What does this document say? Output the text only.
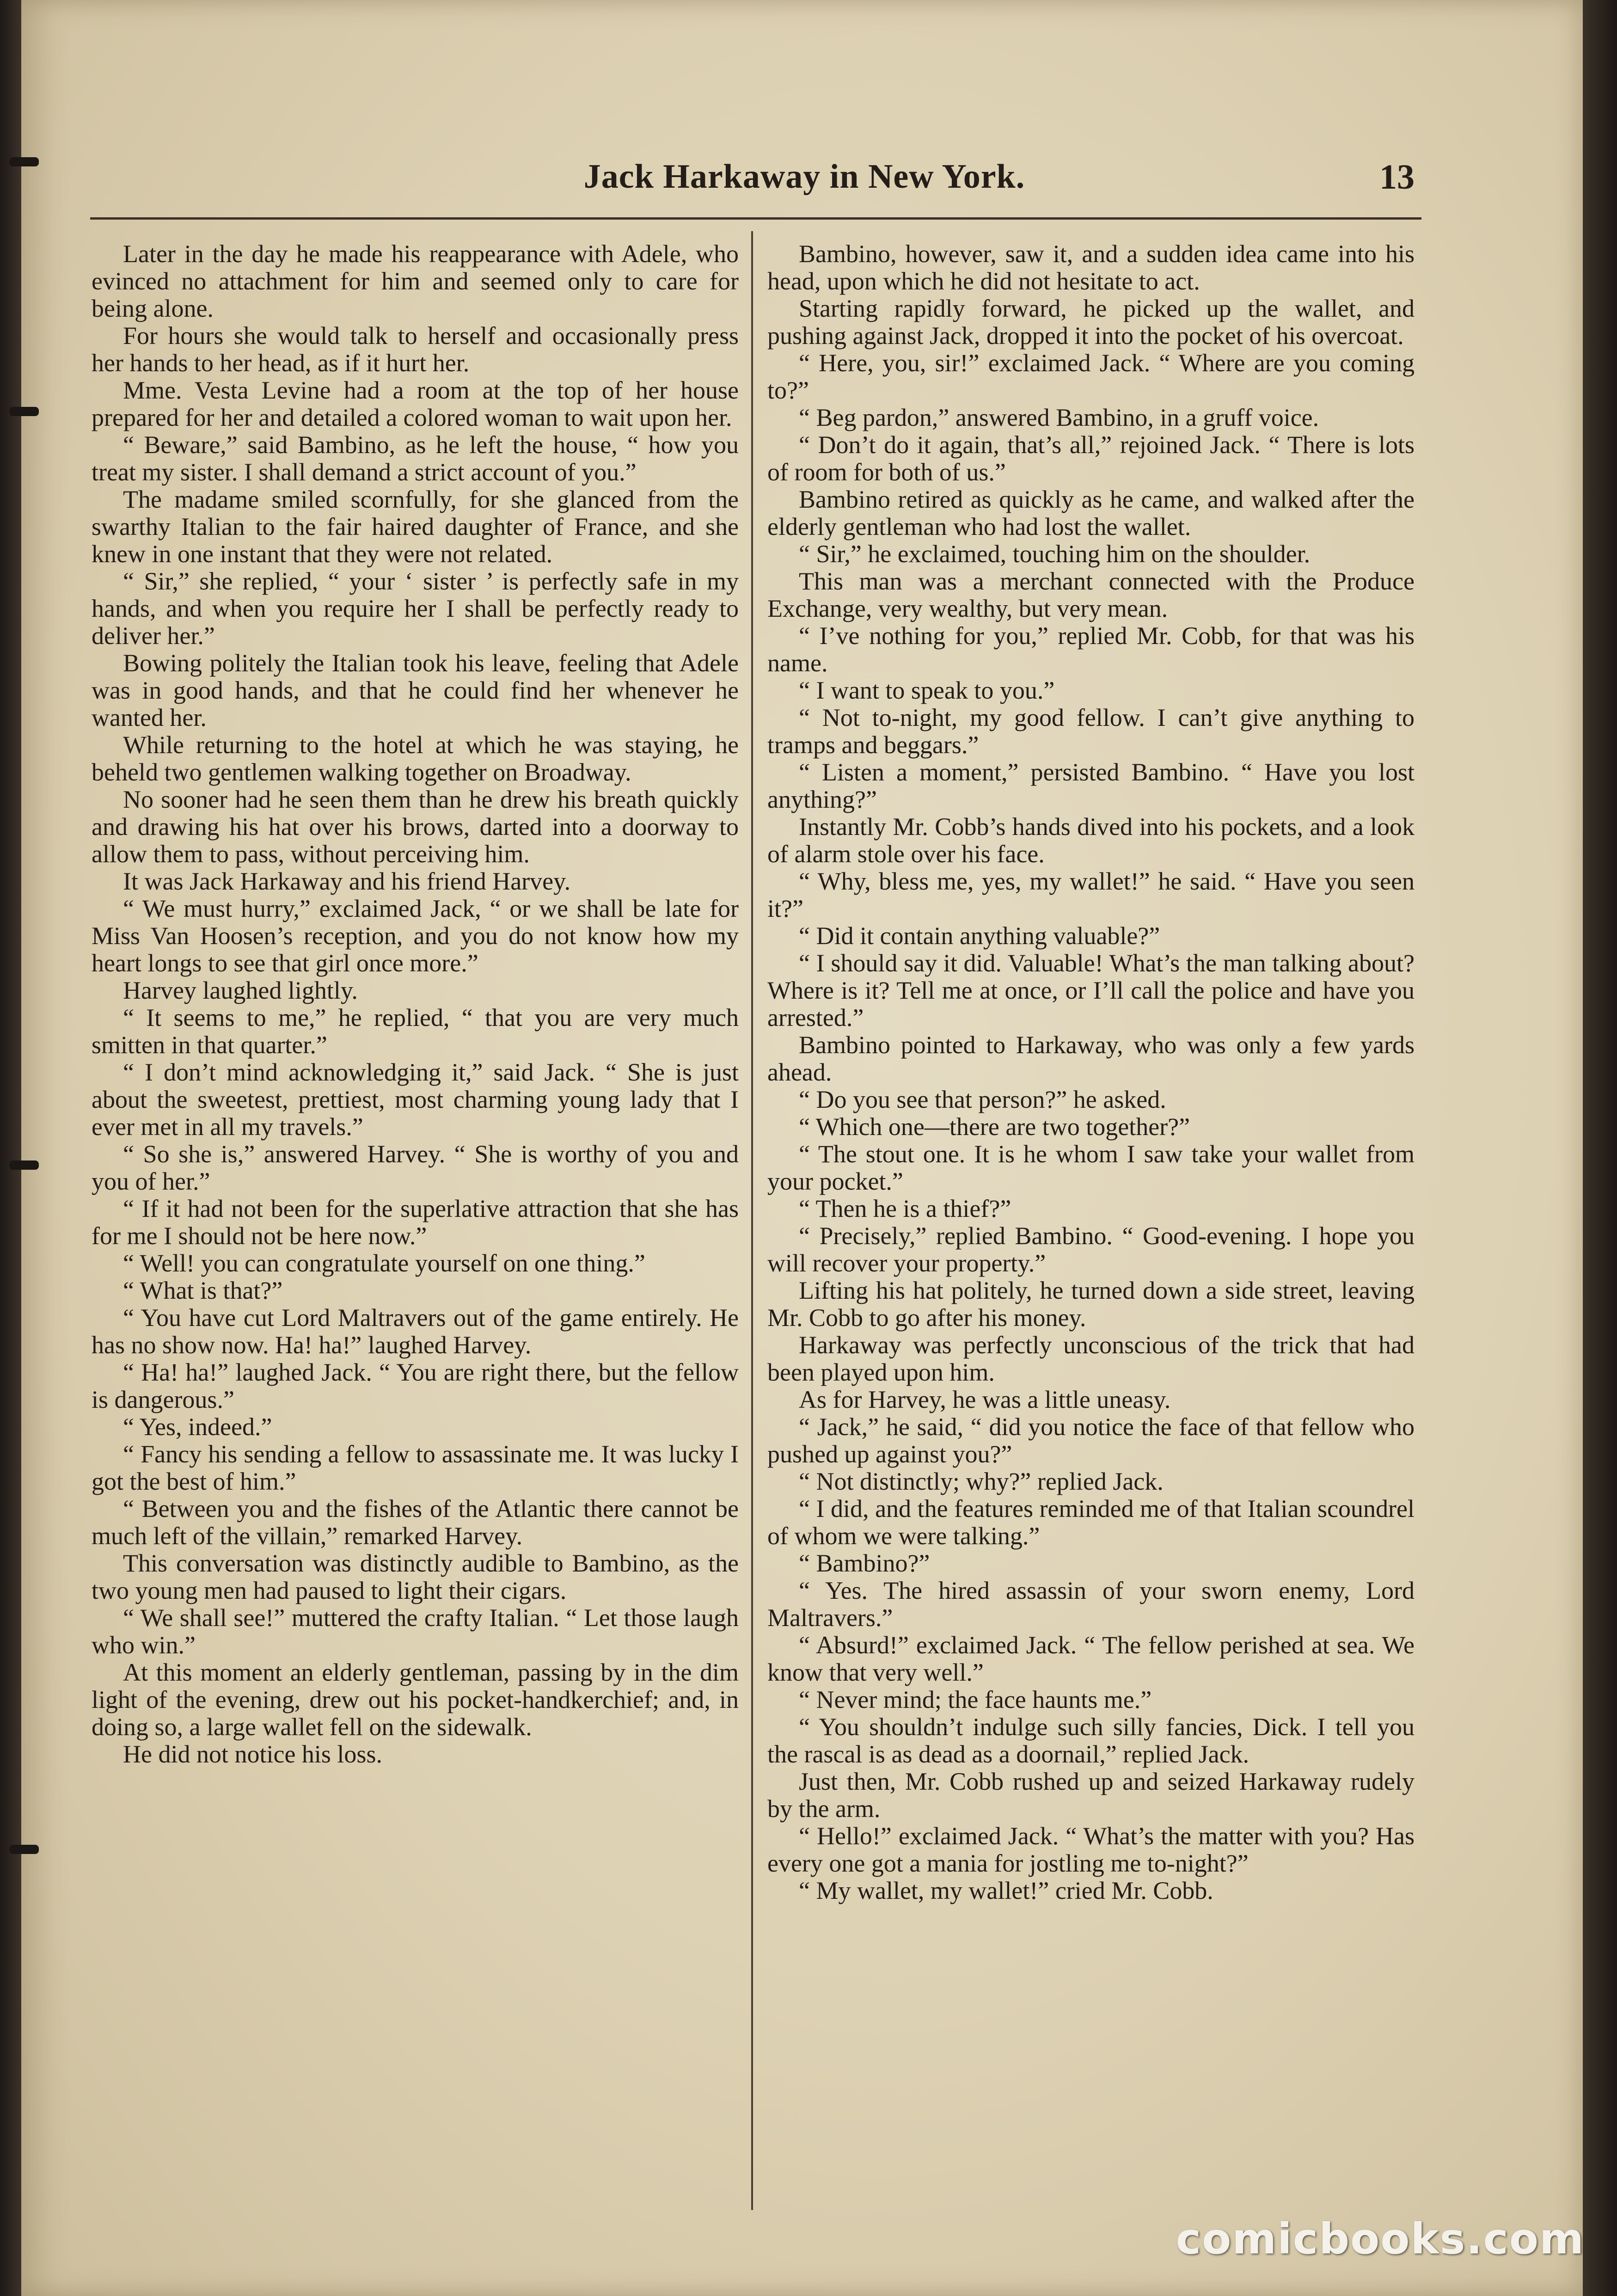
Jack Harkaway in New York.	13

Later in the day he made his reappearance with Adele, who evinced no attachment for him and seemed only to care for being alone.

For hours she would talk to herself and occasionally press her hands to her head, as if it hurt her.

Mme. Vesta Levine had a room at the top of her house prepared for her and detailed a colored woman to wait upon her.

“ Beware,” said Bambino, as he left the house, “ how you treat my sister. I shall demand a strict account of you.”

The madame smiled scornfully, for she glanced from the swarthy Italian to the fair haired daughter of France, and she knew in one instant that they were not related.

“ Sir,” she replied, “ your ‘ sister ’ is perfectly safe in my hands, and when you require her I shall be perfectly ready to deliver her.”

Bowing politely the Italian took his leave, feeling that Adele was in good hands, and that he could find her whenever he wanted her.

While returning to the hotel at which he was staying, he beheld two gentlemen walking together on Broadway.

No sooner had he seen them than he drew his breath quickly and drawing his hat over his brows, darted into a doorway to allow them to pass, without perceiving him.

It was Jack Harkaway and his friend Harvey.

“ We must hurry,” exclaimed Jack, “ or we shall be late for Miss Van Hoosen’s reception, and you do not know how my heart longs to see that girl once more.”

Harvey laughed lightly.

“ It seems to me,” he replied, “ that you are very much smitten in that quarter.”

“ I don’t mind acknowledging it,” said Jack. “ She is just about the sweetest, prettiest, most charming young lady that I ever met in all my travels.”

“ So she is,” answered Harvey. “ She is worthy of you and you of her.”

“ If it had not been for the superlative attraction that she has for me I should not be here now.”

“ Well! you can congratulate yourself on one thing.”

“ What is that?”

“ You have cut Lord Maltravers out of the game entirely. He has no show now. Ha! ha!” laughed Harvey.

“ Ha! ha!” laughed Jack. “ You are right there, but the fellow is dangerous.”

“ Yes, indeed.”

“ Fancy his sending a fellow to assassinate me. It was lucky I got the best of him.”

“ Between you and the fishes of the Atlantic there cannot be much left of the villain,” remarked Harvey.

This conversation was distinctly audible to Bambino, as the two young men had paused to light their cigars.

“ We shall see!” muttered the crafty Italian. “ Let those laugh who win.”

At this moment an elderly gentleman, passing by in the dim light of the evening, drew out his pocket-handkerchief; and, in doing so, a large wallet fell on the sidewalk.

He did not notice his loss.

Bambino, however, saw it, and a sudden idea came into his head, upon which he did not hesitate to act.

Starting rapidly forward, he picked up the wallet, and pushing against Jack, dropped it into the pocket of his overcoat.

“ Here, you, sir!” exclaimed Jack. “ Where are you coming to?”

“ Beg pardon,” answered Bambino, in a gruff voice.

“ Don’t do it again, that’s all,” rejoined Jack. “ There is lots of room for both of us.”

Bambino retired as quickly as he came, and walked after the elderly gentleman who had lost the wallet.

“ Sir,” he exclaimed, touching him on the shoulder.

This man was a merchant connected with the Produce Exchange, very wealthy, but very mean.

“ I’ve nothing for you,” replied Mr. Cobb, for that was his name.

“ I want to speak to you.”

“ Not to-night, my good fellow. I can’t give anything to tramps and beggars.”

“ Listen a moment,” persisted Bambino. “ Have you lost anything?”

Instantly Mr. Cobb’s hands dived into his pockets, and a look of alarm stole over his face.

“ Why, bless me, yes, my wallet!” he said. “ Have you seen it?”

“ Did it contain anything valuable?”

“ I should say it did. Valuable! What’s the man talking about? Where is it? Tell me at once, or I’ll call the police and have you arrested.”

Bambino pointed to Harkaway, who was only a few yards ahead.

“ Do you see that person?” he asked.

“ Which one—there are two together?”

“ The stout one. It is he whom I saw take your wallet from your pocket.”

“ Then he is a thief?”

“ Precisely,” replied Bambino. “ Good-evening. I hope you will recover your property.”

Lifting his hat politely, he turned down a side street, leaving Mr. Cobb to go after his money.

Harkaway was perfectly unconscious of the trick that had been played upon him.

As for Harvey, he was a little uneasy.

“ Jack,” he said, “ did you notice the face of that fellow who pushed up against you?”

“ Not distinctly; why?” replied Jack.

“ I did, and the features reminded me of that Italian scoundrel of whom we were talking.”

“ Bambino?”

“ Yes. The hired assassin of your sworn enemy, Lord Maltravers.”

“ Absurd!” exclaimed Jack. “ The fellow perished at sea. We know that very well.”

“ Never mind; the face haunts me.”

“ You shouldn’t indulge such silly fancies, Dick. I tell you the rascal is as dead as a doornail,” replied Jack.

Just then, Mr. Cobb rushed up and seized Harkaway rudely by the arm.

“ Hello!” exclaimed Jack. “ What’s the matter with you? Has every one got a mania for jostling me to-night?”

“ My wallet, my wallet!” cried Mr. Cobb.

comicbooks.com
